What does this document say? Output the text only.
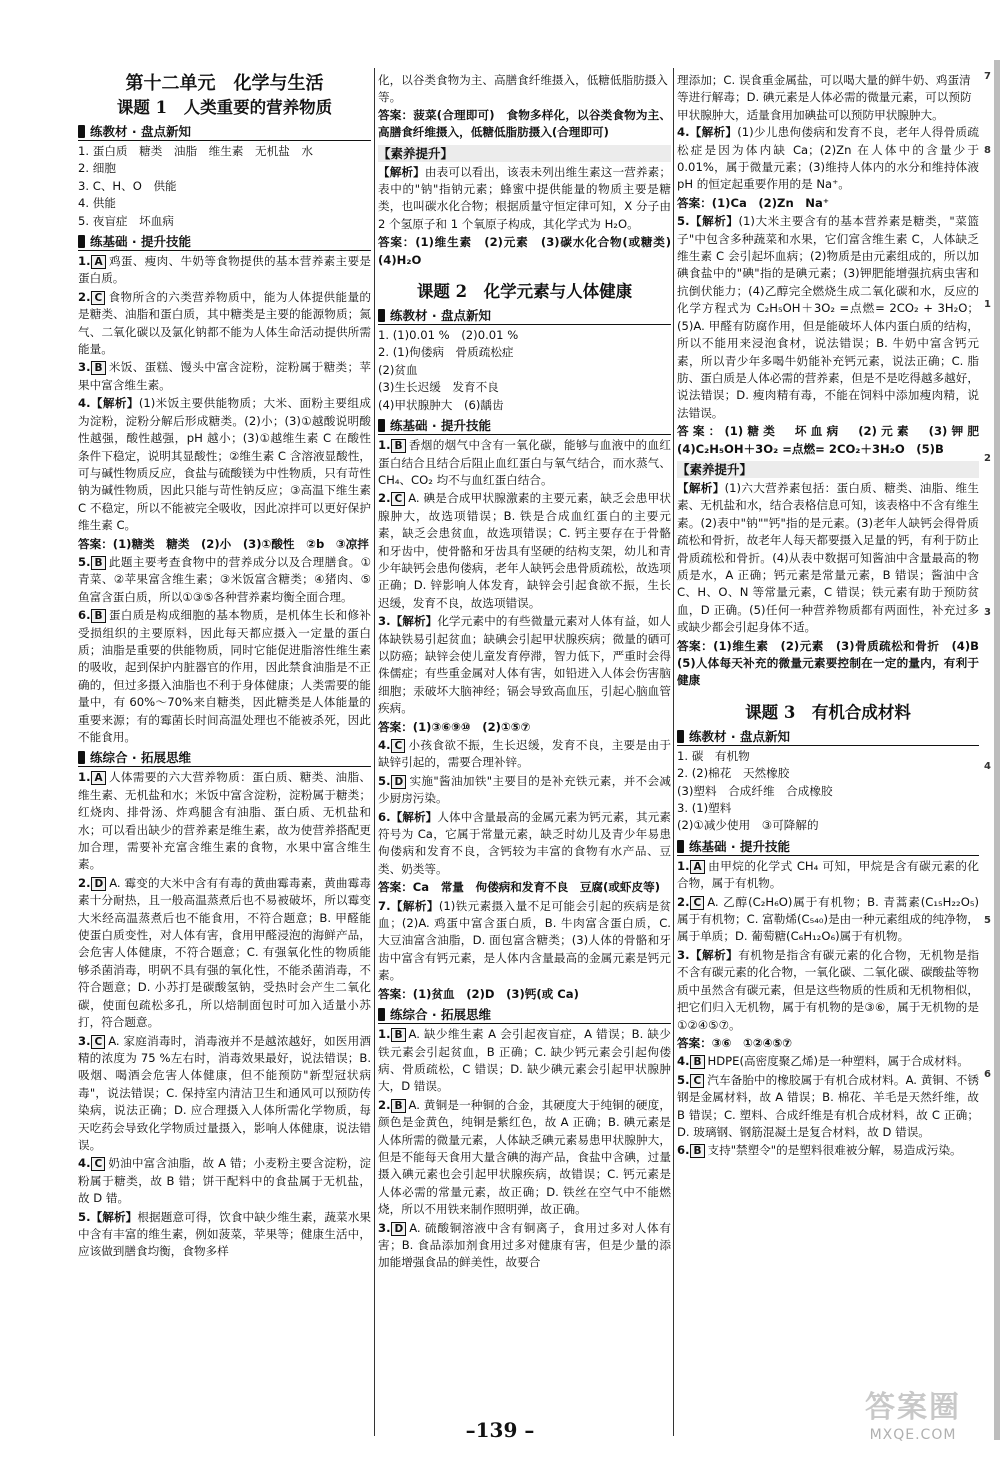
第十二单元　化学与生活
课题 1　人类重要的营养物质
练教材 · 盘点新知
1. 蛋白质　糖类　油脂　维生素　无机盐　水
2. 细胞
3. C、H、O　供能
4. 供能
5. 夜盲症　坏血病
练基础 · 提升技能
1. A 鸡蛋、瘦肉、牛奶等食物提供的基本营养素主要是蛋白质。
2. C 食物所含的六类营养物质中，能为人体提供能量的是糖类、油脂和蛋白质，其中糖类是主要的能源物质；氮气、二氧化碳以及氯化钠都不能为人体生命活动提供所需能量。
3. B 米饭、蛋糕、馒头中富含淀粉，淀粉属于糖类；苹果中富含维生素。
4.【解析】(1)米饭主要供能物质；大米、面粉主要组成为淀粉，淀粉分解后形成糖类。(2)小；(3)①越酸说明酸性越强，酸性越强，pH 越小；(3)①越维生素 C 在酸性条件下稳定，说明其显酸性；②维生素 C 含溶液显酸性，可与碱性物质反应，食盐与硫酸镁为中性物质，只有苛性钠为碱性物质，因此只能与苛性钠反应；③高温下维生素 C 不稳定，所以不能被完全吸收，因此凉拌可以更好保护维生素 C。
答案：(1)糖类　糖类　(2)小　(3)①酸性　②b　③凉拌
5. B 此题主要考查食物中的营养成分以及合理膳食。①青菜、②苹果富含维生素；③米饭富含糖类；④猪肉、⑤鱼富含蛋白质，所以①③⑤各种营养素均衡全面合理。
6. B 蛋白质是构成细胞的基本物质，是机体生长和修补受损组织的主要原料，因此每天都应摄入一定量的蛋白质；油脂是重要的供能物质，同时它能促进脂溶性维生素的吸收，起到保护内脏器官的作用，因此禁食油脂是不正确的，但过多摄入油脂也不利于身体健康；人类需要的能量中，有 60%～70%来自糖类，因此糖类是人体能量的重要来源；有的霉菌长时间高温处理也不能被杀死，因此不能食用。
练综合 · 拓展思维
1. A 人体需要的六大营养物质：蛋白质、糖类、油脂、维生素、无机盐和水；米饭中富含淀粉，淀粉属于糖类；红烧肉、排骨汤、炸鸡腿含有油脂、蛋白质、无机盐和水；可以看出缺少的营养素是维生素，故为使营养搭配更加合理，需要补充富含维生素的食物，水果中富含维生素。
2. D A. 霉变的大米中含有有毒的黄曲霉毒素，黄曲霉毒素十分耐热，且一般高温蒸煮后也不易被破坏，所以霉变大米经高温蒸煮后也不能食用，不符合题意；B. 甲醛能使蛋白质变性，对人体有害，食用甲醛浸泡的海鲜产品，会危害人体健康，不符合题意；C. 有强氧化性的物质能够杀菌消毒，明矾不具有强的氧化性，不能杀菌消毒，不符合题意；D. 小苏打是碳酸氢钠，受热时会产生二氧化碳，使面包疏松多孔，所以焙制面包时可加入适量小苏打，符合题意。
3. C A. 家庭消毒时，消毒液并不是越浓越好，如医用酒精的浓度为 75 %左右时，消毒效果最好，说法错误；B. 吸烟、喝酒会危害人体健康，但不能预防"新型冠状病毒"，说法错误；C. 保持室内清洁卫生和通风可以预防传染病，说法正确；D. 应合理摄入人体所需化学物质，每天吃药会导致化学物质过量摄入，影响人体健康，说法错误。
4. C 奶油中富含油脂，故 A 错；小麦粉主要含淀粉，淀粉属于糖类，故 B 错；饼干配料中的食盐属于无机盐，故 D 错。
5.【解析】根据题意可得，饮食中缺少维生素，蔬菜水果中含有丰富的维生素，例如菠菜，苹果等；健康生活中，应该做到膳食均衡，食物多样
化，以谷类食物为主、高膳食纤维摄入，低糖低脂肪摄入等。
答案：菠菜(合理即可)　食物多样化，以谷类食物为主、高膳食纤维摄入，低糖低脂肪摄入(合理即可)
【素养提升】
【解析】由表可以看出，该表未列出维生素这一营养素；表中的"钠"指钠元素；蜂蜜中提供能量的物质主要是糖类，也叫碳水化合物；根据质量守恒定律可知，X 分子由 2 个氢原子和 1 个氧原子构成，其化学式为 H₂O。
答案：(1)维生素　(2)元素　(3)碳水化合物(或糖类)　(4)H₂O
课题 2　化学元素与人体健康
练教材 · 盘点新知
1. (1)0.01 %　(2)0.01 %
2. (1)佝偻病　骨质疏松症
(2)贫血
(3)生长迟缓　发育不良
(4)甲状腺肿大　(6)龋齿
练基础 · 提升技能
1. B 香烟的烟气中含有一氧化碳，能够与血液中的血红蛋白结合且结合后阻止血红蛋白与氧气结合，而水蒸气、CH₄、CO₂ 均不与血红蛋白结合。
2. C A. 碘是合成甲状腺激素的主要元素，缺乏会患甲状腺肿大，故选项错误；B. 铁是合成血红蛋白的主要元素，缺乏会患贫血，故选项错误；C. 钙主要存在于骨骼和牙齿中，使骨骼和牙齿具有坚硬的结构支架，幼儿和青少年缺钙会患佝偻病，老年人缺钙会患骨质疏松，故选项正确；D. 锌影响人体发育，缺锌会引起食欲不振，生长迟缓，发育不良，故选项错误。
3.【解析】化学元素中的有些微量元素对人体有益，如人体缺铁易引起贫血；缺碘会引起甲状腺疾病；微量的硒可以防癌；缺锌会使儿童发育停滞，智力低下，严重时会得侏儒症；有些重金属对人体有害，如铅进入人体会伤害脑细胞；汞破坏大脑神经；镉会导致高血压，引起心脑血管疾病。
答案：(1)③⑥⑨⑩　(2)①⑤⑦
4. C 小孩食欲不振，生长迟缓，发育不良，主要是由于缺锌引起的，需要合理补锌。
5. D 实施"酱油加铁"主要目的是补充铁元素，并不会减少厨房污染。
6.【解析】人体中含量最高的金属元素为钙元素，其元素符号为 Ca，它属于常量元素，缺乏时幼儿及青少年易患佝偻病和发育不良，含钙较为丰富的食物有水产品、豆类、奶类等。
答案：Ca　常量　佝偻病和发育不良　豆腐(或虾皮等)
7.【解析】(1)铁元素摄入量不足可能会引起的疾病是贫血；(2)A. 鸡蛋中富含蛋白质，B. 牛肉富含蛋白质，C. 大豆油富含油脂，D. 面包富含糖类；(3)人体的骨骼和牙齿中富含有钙元素，是人体内含量最高的金属元素是钙元素。
答案：(1)贫血　(2)D　(3)钙(或 Ca)
练综合 · 拓展思维
1. B A. 缺少维生素 A 会引起夜盲症，A 错误；B. 缺少铁元素会引起贫血，B 正确；C. 缺少钙元素会引起佝偻病、骨质疏松，C 错误；D. 缺少碘元素会引起甲状腺肿大，D 错误。
2. B A. 黄铜是一种铜的合金，其硬度大于纯铜的硬度，颜色是金黄色，纯铜是紫红色，故 A 正确；B. 碘元素是人体所需的微量元素，人体缺乏碘元素易患甲状腺肿大，但是不能每天食用大量含碘的海产品，食盐中含碘，过量摄入碘元素也会引起甲状腺疾病，故错误；C. 钙元素是人体必需的常量元素，故正确；D. 铁丝在空气中不能燃烧，所以不用铁来制作照明弹，故正确。
3. D A. 硫酸铜溶液中含有铜离子，食用过多对人体有害；B. 食品添加剂食用过多对健康有害，但是少量的添加能增强食品的鲜美性，故要合
理添加；C. 误食重金属盐，可以喝大量的鲜牛奶、鸡蛋清等进行解毒；D. 碘元素是人体必需的微量元素，可以预防甲状腺肿大，适量食用加碘盐可以预防甲状腺肿大。
4.【解析】(1)少儿患佝偻病和发育不良，老年人得骨质疏松症是因为体内缺 Ca；(2)Zn 在人体中的含量少于 0.01%，属于微量元素；(3)维持人体内的水分和维持体液 pH 的恒定起重要作用的是 Na⁺。
答案：(1)Ca　(2)Zn　Na⁺
5.【解析】(1)大米主要含有的基本营养素是糖类，"菜篮子"中包含多种蔬菜和水果，它们富含维生素 C，人体缺乏维生素 C 会引起坏血病；(2)物质是由元素组成的，所以加碘食盐中的"碘"指的是碘元素；(3)钾肥能增强抗病虫害和抗倒伏能力；(4)乙醇完全燃烧生成二氧化碳和水，反应的化学方程式为 C₂H₅OH＋3O₂ =点燃= 2CO₂ + 3H₂O；(5)A. 甲醛有防腐作用，但是能破坏人体内蛋白质的结构，所以不能用来浸泡食材，说法错误；B. 牛奶中富含钙元素，所以青少年多喝牛奶能补充钙元素，说法正确；C. 脂肪、蛋白质是人体必需的营养素，但是不是吃得越多越好，说法错误；D. 瘦肉精有毒，不能在饲料中添加瘦肉精，说法错误。
答案：(1)糖类　坏血病　(2)元素　(3)钾肥　(4)C₂H₅OH＋3O₂ =点燃= 2CO₂＋3H₂O　(5)B
【素养提升】
【解析】(1)六大营养素包括：蛋白质、糖类、油脂、维生素、无机盐和水，结合表格信息可知，该表格中不含有维生素。(2)表中"钠""钙"指的是元素。(3)老年人缺钙会得骨质疏松和骨折，故老年人每天都要摄入足量的钙，有利于防止骨质疏松和骨折。(4)从表中数据可知酱油中含量最高的物质是水，A 正确；钙元素是常量元素，B 错误；酱油中含 C、H、O、N 等常量元素，C 错误；铁元素有助于预防贫血，D 正确。(5)任何一种营养物质都有两面性，补充过多或缺少都会引起身体不适。
答案：(1)维生素　(2)元素　(3)骨质疏松和骨折　(4)B　(5)人体每天补充的微量元素要控制在一定的量内，有利于健康
课题 3　有机合成材料
练教材 · 盘点新知
1. 碳　有机物
2. (2)棉花　天然橡胶
(3)塑料　合成纤维　合成橡胶
3. (1)塑料
(2)①减少使用　③可降解的
练基础 · 提升技能
1. A 由甲烷的化学式 CH₄ 可知，甲烷是含有碳元素的化合物，属于有机物。
2. C A. 乙醇(C₂H₆O)属于有机物；B. 青蒿素(C₁₅H₂₂O₅)属于有机物；C. 富勒烯(C₅₄₀)是由一种元素组成的纯净物，属于单质；D. 葡萄糖(C₆H₁₂O₆)属于有机物。
3.【解析】有机物是指含有碳元素的化合物，无机物是指不含有碳元素的化合物，一氧化碳、二氧化碳、碳酸盐等物质中虽然含有碳元素，但是这些物质的性质和无机物相似，把它们归入无机物，属于有机物的是③⑥，属于无机物的是①②④⑤⑦。
答案：③⑥　①②④⑤⑦
4. B HDPE(高密度聚乙烯)是一种塑料，属于合成材料。
5. C 汽车备胎中的橡胶属于有机合成材料。A. 黄铜、不锈钢是金属材料，故 A 错误；B. 棉花、羊毛是天然纤维，故 B 错误；C. 塑料、合成纤维是有机合成材料，故 C 正确；D. 玻璃钢、钢筋混凝土是复合材料，故 D 错误。
6. B 支持"禁塑令"的是塑料很难被分解，易造成污染。
7
8
1
2
3
4
5
6
–139 –
答案圈
MXQE.COM
